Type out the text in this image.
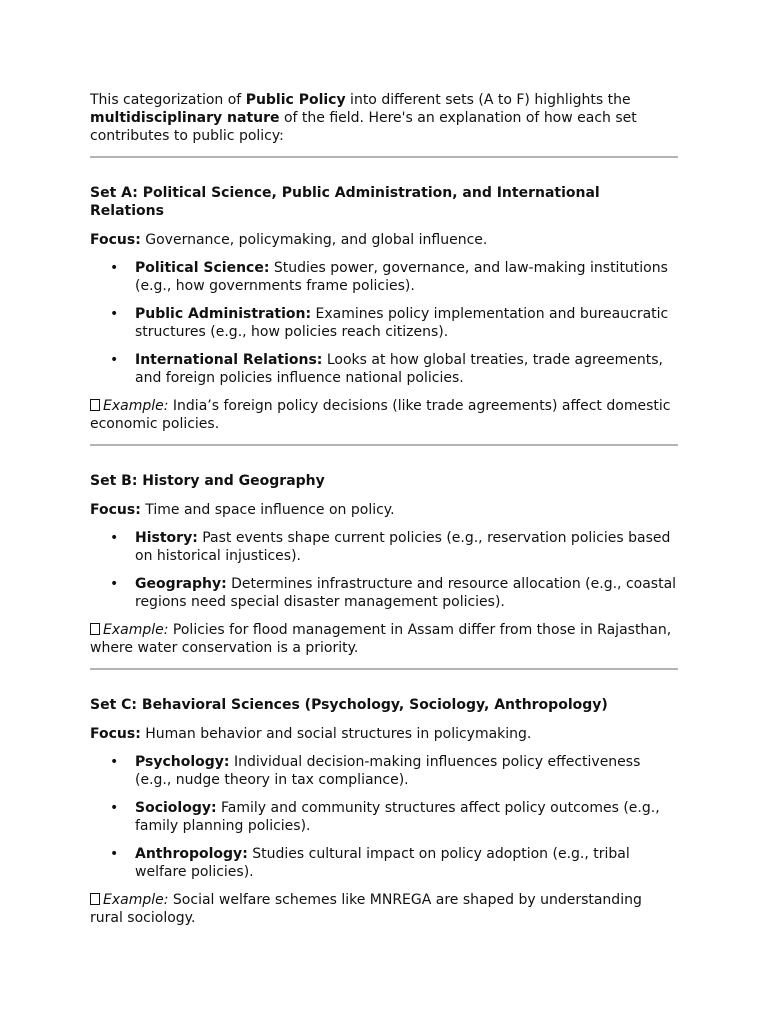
This categorization of Public Policy into different sets (A to F) highlights the multidisciplinary nature of the field. Here's an explanation of how each set contributes to public policy:

Set A: Political Science, Public Administration, and International Relations

Focus: Governance, policymaking, and global influence.

• Political Science: Studies power, governance, and law-making institutions (e.g., how governments frame policies).
• Public Administration: Examines policy implementation and bureaucratic structures (e.g., how policies reach citizens).
• International Relations: Looks at how global treaties, trade agreements, and foreign policies influence national policies.

Example: India’s foreign policy decisions (like trade agreements) affect domestic economic policies.

Set B: History and Geography

Focus: Time and space influence on policy.

• History: Past events shape current policies (e.g., reservation policies based on historical injustices).
• Geography: Determines infrastructure and resource allocation (e.g., coastal regions need special disaster management policies).

Example: Policies for flood management in Assam differ from those in Rajasthan, where water conservation is a priority.

Set C: Behavioral Sciences (Psychology, Sociology, Anthropology)

Focus: Human behavior and social structures in policymaking.

• Psychology: Individual decision-making influences policy effectiveness (e.g., nudge theory in tax compliance).
• Sociology: Family and community structures affect policy outcomes (e.g., family planning policies).
• Anthropology: Studies cultural impact on policy adoption (e.g., tribal welfare policies).

Example: Social welfare schemes like MNREGA are shaped by understanding rural sociology.
